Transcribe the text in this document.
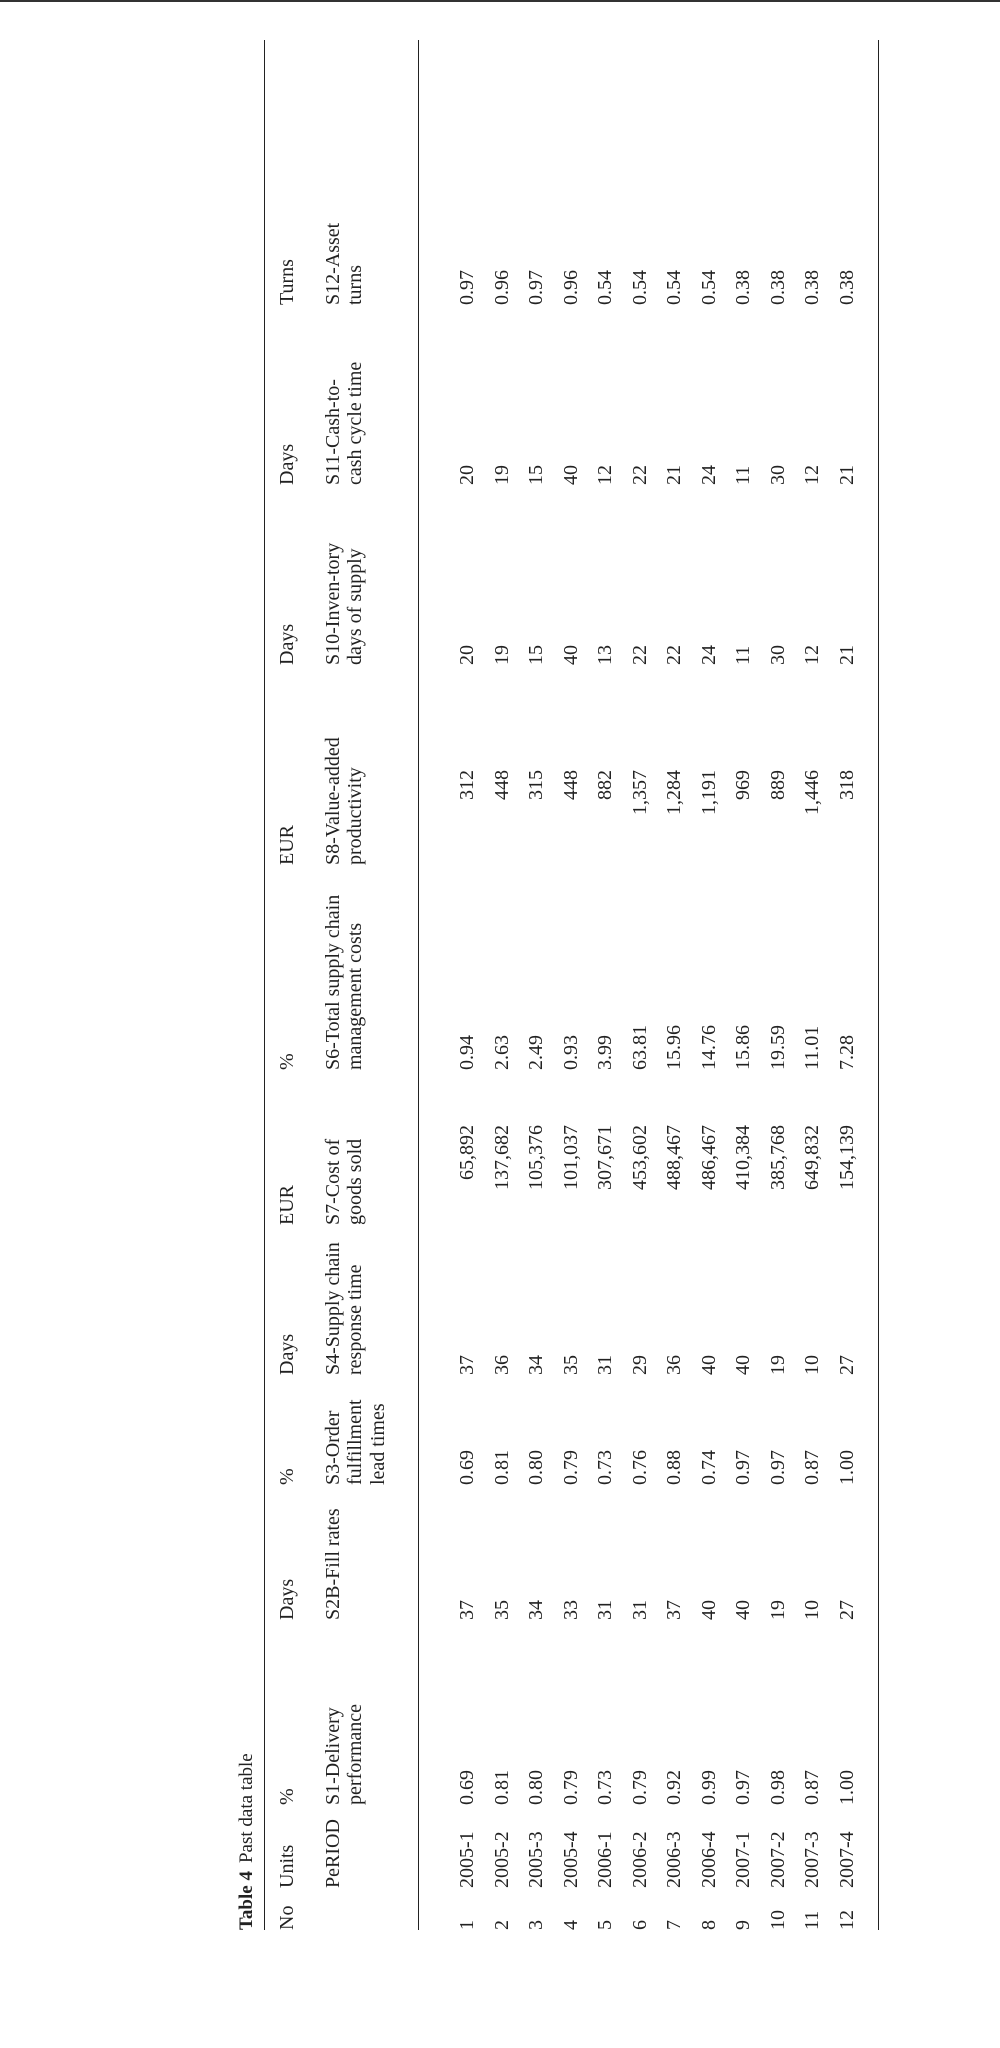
Table 4Past data table
No
Units
%
Days
%
Days
EUR
%
EUR
Days
Days
Turns
PeRIOD
S1-Delivery performance
S2B-Fill rates
S3-Order fulfillment lead times
S4-Supply chain response time
S7-Cost of goods sold
S6-Total supply chain management costs
S8-Value-added productivity
S10-Inven-tory days of supply
S11-Cash-to-cash cycle time
S12-Asset turns
1
2005-1
0.69
37
0.69
37
65,892
0.94
312
20
20
0.97
2
2005-2
0.81
35
0.81
36
137,682
2.63
448
19
19
0.96
3
2005-3
0.80
34
0.80
34
105,376
2.49
315
15
15
0.97
4
2005-4
0.79
33
0.79
35
101,037
0.93
448
40
40
0.96
5
2006-1
0.73
31
0.73
31
307,671
3.99
882
13
12
0.54
6
2006-2
0.79
31
0.76
29
453,602
63.81
1,357
22
22
0.54
7
2006-3
0.92
37
0.88
36
488,467
15.96
1,284
22
21
0.54
8
2006-4
0.99
40
0.74
40
486,467
14.76
1,191
24
24
0.54
9
2007-1
0.97
40
0.97
40
410,384
15.86
969
11
11
0.38
10
2007-2
0.98
19
0.97
19
385,768
19.59
889
30
30
0.38
11
2007-3
0.87
10
0.87
10
649,832
11.01
1,446
12
12
0.38
12
2007-4
1.00
27
1.00
27
154,139
7.28
318
21
21
0.38
